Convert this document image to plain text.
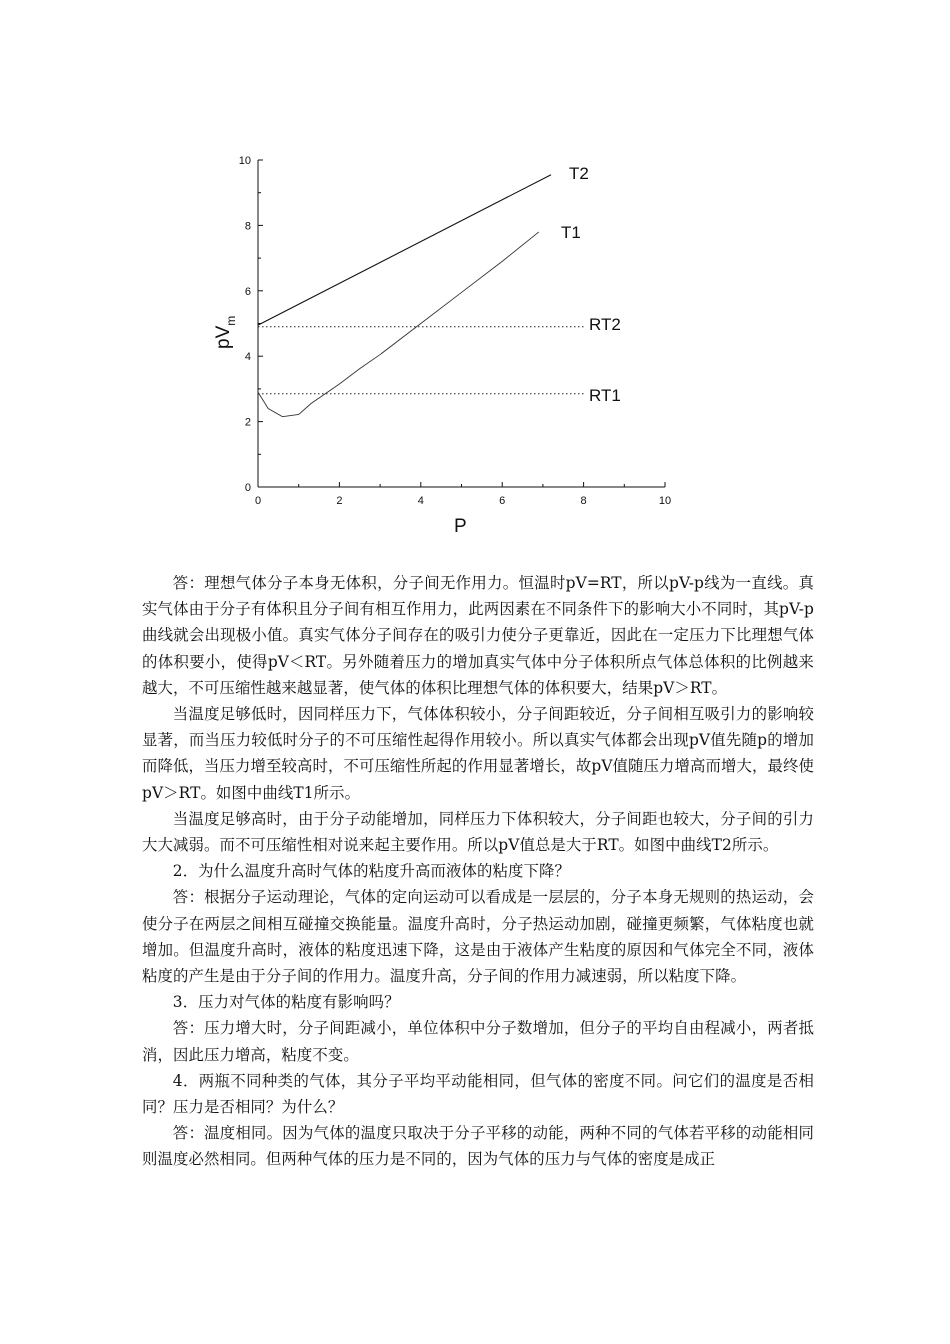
0
2
4
6
8
10
0	2	4	6	8	10
T2
T1
RT2
RT1
P
$pV_m$

答：理想气体分子本身无体积，分子间无作用力。恒温时pV=RT，所以pV-p线为一直线。真实气体由于分子有体积且分子间有相互作用力，此两因素在不同条件下的影响大小不同时，其pV-p曲线就会出现极小值。真实气体分子间存在的吸引力使分子更靠近，因此在一定压力下比理想气体的体积要小，使得pV＜RT。另外随着压力的增加真实气体中分子体积所点气体总体积的比例越来越大，不可压缩性越来越显著，使气体的体积比理想气体的体积要大，结果pV＞RT。

当温度足够低时，因同样压力下，气体体积较小，分子间距较近，分子间相互吸引力的影响较显著，而当压力较低时分子的不可压缩性起得作用较小。所以真实气体都会出现pV值先随p的增加而降低，当压力增至较高时，不可压缩性所起的作用显著增长，故pV值随压力增高而增大，最终使pV＞RT。如图中曲线T1所示。

当温度足够高时，由于分子动能增加，同样压力下体积较大，分子间距也较大，分子间的引力大大减弱。而不可压缩性相对说来起主要作用。所以pV值总是大于RT。如图中曲线T2所示。

2．为什么温度升高时气体的粘度升高而液体的粘度下降？

答：根据分子运动理论，气体的定向运动可以看成是一层层的，分子本身无规则的热运动，会使分子在两层之间相互碰撞交换能量。温度升高时，分子热运动加剧，碰撞更频繁，气体粘度也就增加。但温度升高时，液体的粘度迅速下降，这是由于液体产生粘度的原因和气体完全不同，液体粘度的产生是由于分子间的作用力。温度升高，分子间的作用力减速弱，所以粘度下降。

3．压力对气体的粘度有影响吗？

答：压力增大时，分子间距减小，单位体积中分子数增加，但分子的平均自由程减小，两者抵消，因此压力增高，粘度不变。

4．两瓶不同种类的气体，其分子平均平动能相同，但气体的密度不同。问它们的温度是否相同？压力是否相同？为什么？

答：温度相同。因为气体的温度只取决于分子平移的动能，两种不同的气体若平移的动能相同则温度必然相同。但两种气体的压力是不同的，因为气体的压力与气体的密度是成正
